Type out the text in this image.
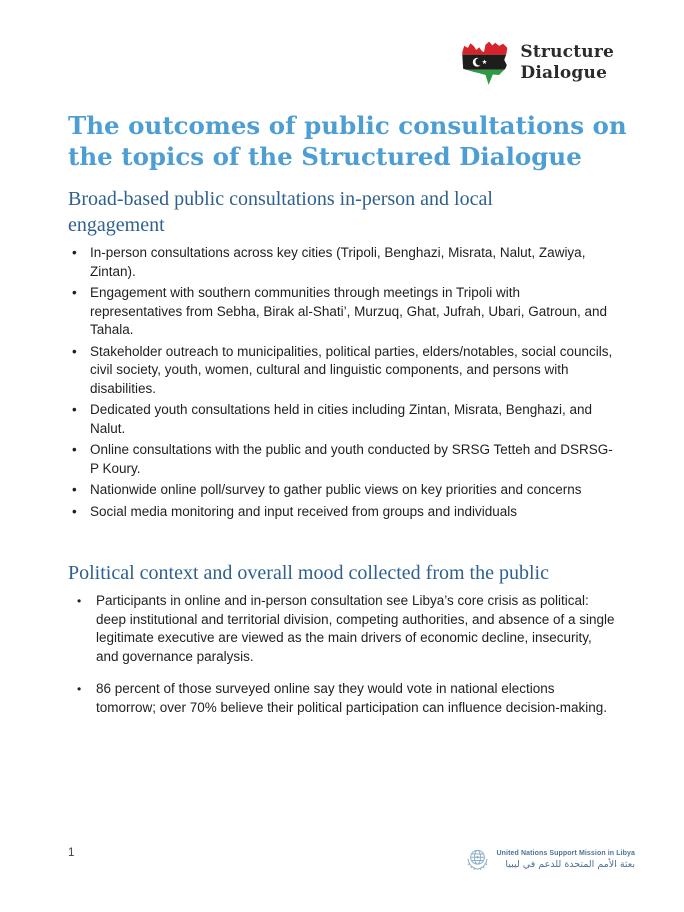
Structure
Dialogue
The outcomes of public consultations on the topics of the Structured Dialogue
Broad-based public consultations in-person and local engagement
• In-person consultations across key cities (Tripoli, Benghazi, Misrata, Nalut, Zawiya, Zintan).
• Engagement with southern communities through meetings in Tripoli with representatives from Sebha, Birak al-Shati’, Murzuq, Ghat, Jufrah, Ubari, Gatroun, and Tahala.
• Stakeholder outreach to municipalities, political parties, elders/notables, social councils, civil society, youth, women, cultural and linguistic components, and persons with disabilities.
• Dedicated youth consultations held in cities including Zintan, Misrata, Benghazi, and Nalut.
• Online consultations with the public and youth conducted by SRSG Tetteh and DSRSG-P Koury.
• Nationwide online poll/survey to gather public views on key priorities and concerns
• Social media monitoring and input received from groups and individuals
Political context and overall mood collected from the public
• Participants in online and in-person consultation see Libya’s core crisis as political: deep institutional and territorial division, competing authorities, and absence of a single legitimate executive are viewed as the main drivers of economic decline, insecurity, and governance paralysis.
• 86 percent of those surveyed online say they would vote in national elections tomorrow; over 70% believe their political participation can influence decision-making.
1	United Nations Support Mission in Libya
بعثة الأمم المتحدة للدعم في ليبيا
